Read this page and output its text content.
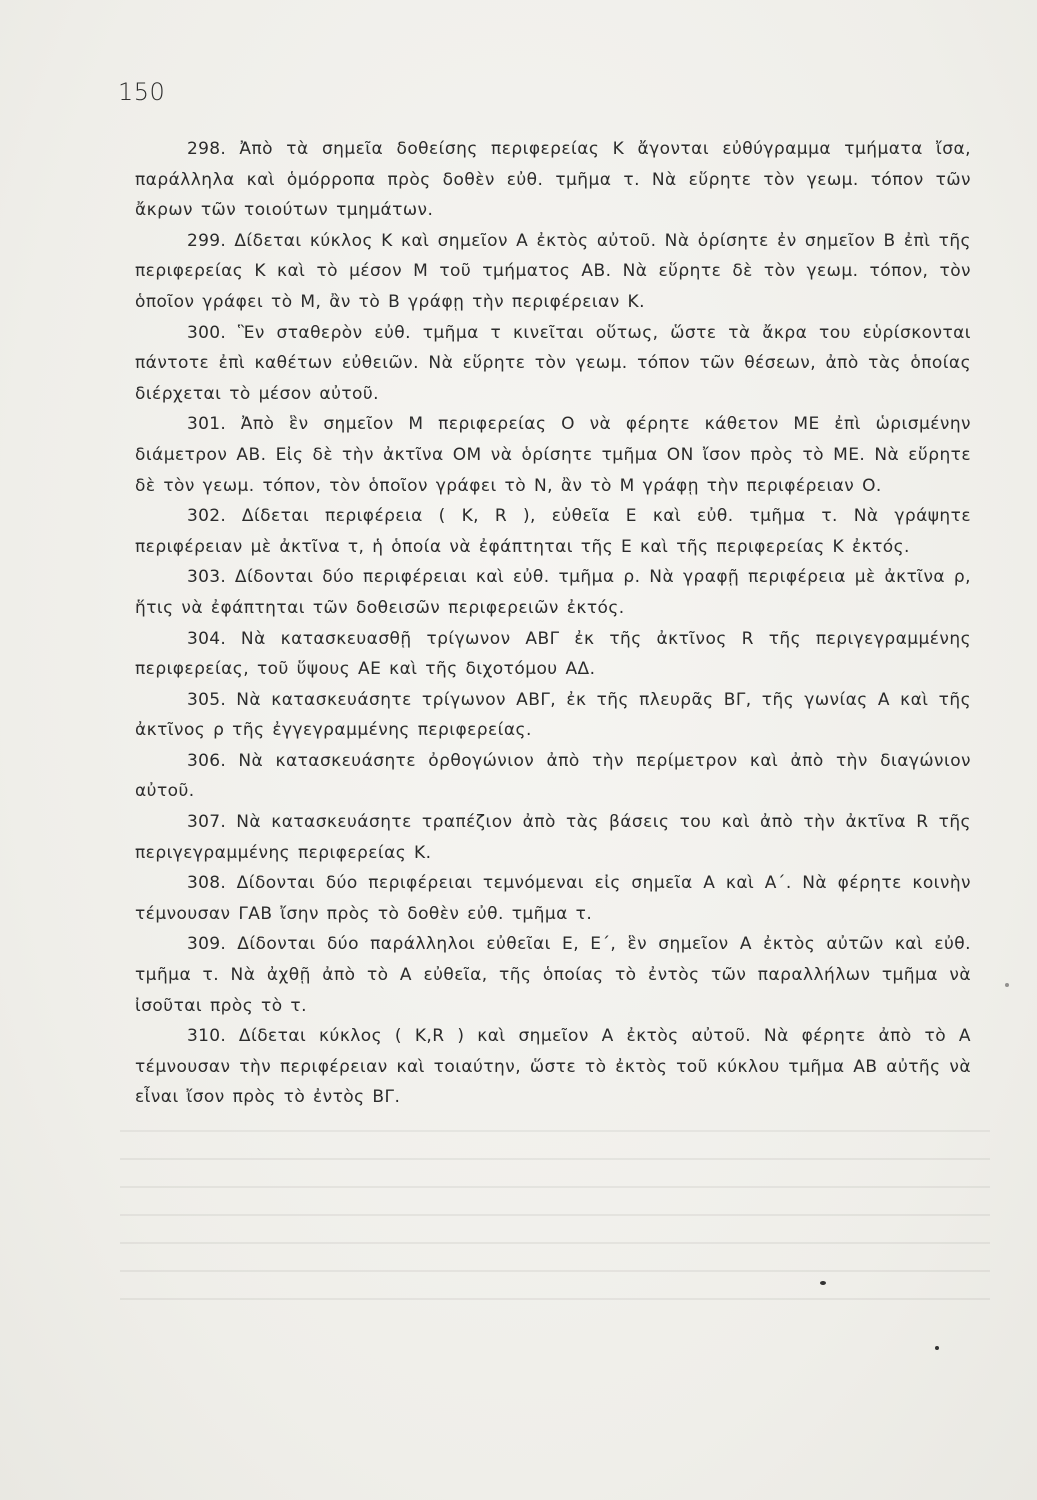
150

298. Ἀπὸ τὰ σημεῖα δοθείσης περιφερείας Κ ἄγονται εὐθύγραμμα τμήματα ἴσα, παράλληλα καὶ ὁμόρροπα πρὸς δοθὲν εὐθ. τμῆμα τ. Νὰ εὕρητε τὸν γεωμ. τόπον τῶν ἄκρων τῶν τοιούτων τμημάτων.

299. Δίδεται κύκλος Κ καὶ σημεῖον Α ἐκτὸς αὐτοῦ. Νὰ ὁρίσητε ἐν σημεῖον Β ἐπὶ τῆς περιφερείας Κ καὶ τὸ μέσον Μ τοῦ τμήματος ΑΒ. Νὰ εὕρητε δὲ τὸν γεωμ. τόπον, τὸν ὁποῖον γράφει τὸ Μ, ἂν τὸ Β γράφῃ τὴν περιφέρειαν Κ.

300. Ἓν σταθερὸν εὐθ. τμῆμα τ κινεῖται οὕτως, ὥστε τὰ ἄκρα του εὑρίσκονται πάντοτε ἐπὶ καθέτων εὐθειῶν. Νὰ εὕρητε τὸν γεωμ. τόπον τῶν θέσεων, ἀπὸ τὰς ὁποίας διέρχεται τὸ μέσον αὐτοῦ.

301. Ἀπὸ ἓν σημεῖον Μ περιφερείας Ο νὰ φέρητε κάθετον ΜΕ ἐπὶ ὡρισμένην διάμετρον ΑΒ. Εἰς δὲ τὴν ἀκτῖνα ΟΜ νὰ ὁρίσητε τμῆμα ΟΝ ἴσον πρὸς τὸ ΜΕ. Νὰ εὕρητε δὲ τὸν γεωμ. τόπον, τὸν ὁποῖον γράφει τὸ Ν, ἂν τὸ Μ γράφῃ τὴν περιφέρειαν Ο.

302. Δίδεται περιφέρεια ( Κ, R ), εὐθεῖα Ε καὶ εὐθ. τμῆμα τ. Νὰ γράψητε περιφέρειαν μὲ ἀκτῖνα τ, ἡ ὁποία νὰ ἐφάπτηται τῆς Ε καὶ τῆς περιφερείας Κ ἐκτός.

303. Δίδονται δύο περιφέρειαι καὶ εὐθ. τμῆμα ρ. Νὰ γραφῇ περιφέρεια μὲ ἀκτῖνα ρ, ἥτις νὰ ἐφάπτηται τῶν δοθεισῶν περιφερειῶν ἐκτός.

304. Νὰ κατασκευασθῇ τρίγωνον ΑΒΓ ἐκ τῆς ἀκτῖνος R τῆς περιγεγραμμένης περιφερείας, τοῦ ὕψους ΑΕ καὶ τῆς διχοτόμου ΑΔ.

305. Νὰ κατασκευάσητε τρίγωνον ΑΒΓ, ἐκ τῆς πλευρᾶς ΒΓ, τῆς γωνίας Α καὶ τῆς ἀκτῖνος ρ τῆς ἐγγεγραμμένης περιφερείας.

306. Νὰ κατασκευάσητε ὀρθογώνιον ἀπὸ τὴν περίμετρον καὶ ἀπὸ τὴν διαγώνιον αὐτοῦ.

307. Νὰ κατασκευάσητε τραπέζιον ἀπὸ τὰς βάσεις του καὶ ἀπὸ τὴν ἀκτῖνα R τῆς περιγεγραμμένης περιφερείας Κ.

308. Δίδονται δύο περιφέρειαι τεμνόμεναι εἰς σημεῖα Α καὶ Α΄. Νὰ φέρητε κοινὴν τέμνουσαν ΓΑΒ ἴσην πρὸς τὸ δοθὲν εὐθ. τμῆμα τ.

309. Δίδονται δύο παράλληλοι εὐθεῖαι Ε, Ε΄, ἓν σημεῖον Α ἐκτὸς αὐτῶν καὶ εὐθ. τμῆμα τ. Νὰ ἀχθῇ ἀπὸ τὸ Α εὐθεῖα, τῆς ὁποίας τὸ ἐντὸς τῶν παραλλήλων τμῆμα νὰ ἰσοῦται πρὸς τὸ τ.

310. Δίδεται κύκλος ( Κ,R ) καὶ σημεῖον Α ἐκτὸς αὐτοῦ. Νὰ φέρητε ἀπὸ τὸ Α τέμνουσαν τὴν περιφέρειαν καὶ τοιαύτην, ὥστε τὸ ἐκτὸς τοῦ κύκλου τμῆμα ΑΒ αὐτῆς νὰ εἶναι ἴσον πρὸς τὸ ἐντὸς ΒΓ.
